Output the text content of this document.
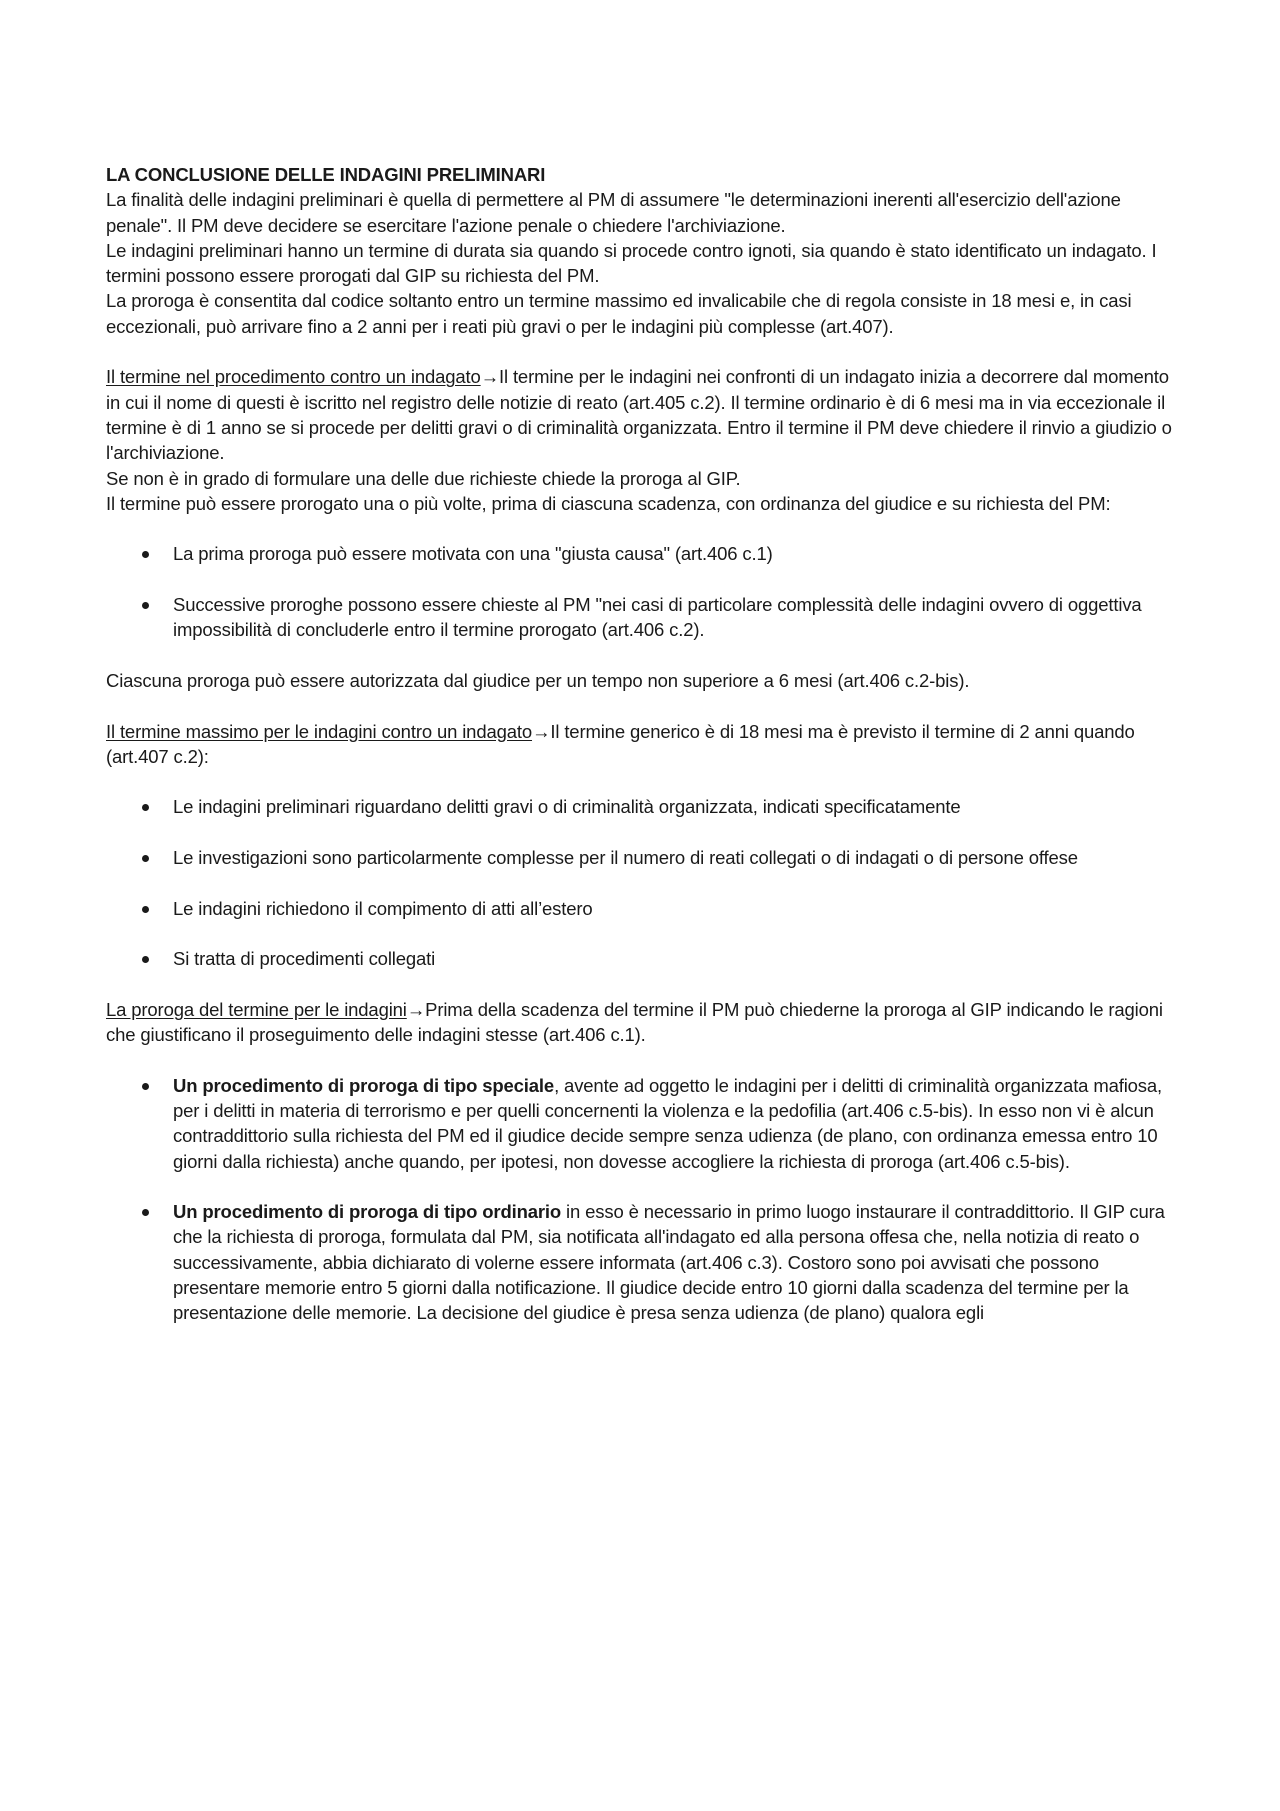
LA CONCLUSIONE DELLE INDAGINI PRELIMINARI

La finalità delle indagini preliminari è quella di permettere al PM di assumere "le determinazioni inerenti all'esercizio dell'azione penale". Il PM deve decidere se esercitare l'azione penale o chiedere l'archiviazione.

Le indagini preliminari hanno un termine di durata sia quando si procede contro ignoti, sia quando è stato identificato un indagato. I termini possono essere prorogati dal GIP su richiesta del PM.

La proroga è consentita dal codice soltanto entro un termine massimo ed invalicabile che di regola consiste in 18 mesi e, in casi eccezionali, può arrivare fino a 2 anni per i reati più gravi o per le indagini più complesse (art.407).

Il termine nel procedimento contro un indagato→Il termine per le indagini nei confronti di un indagato inizia a decorrere dal momento in cui il nome di questi è iscritto nel registro delle notizie di reato (art.405 c.2). Il termine ordinario è di 6 mesi ma in via eccezionale il termine è di 1 anno se si procede per delitti gravi o di criminalità organizzata. Entro il termine il PM deve chiedere il rinvio a giudizio o l'archiviazione.

Se non è in grado di formulare una delle due richieste chiede la proroga al GIP.

Il termine può essere prorogato una o più volte, prima di ciascuna scadenza, con ordinanza del giudice e su richiesta del PM:

La prima proroga può essere motivata con una "giusta causa" (art.406 c.1)
Successive proroghe possono essere chieste al PM "nei casi di particolare complessità delle indagini ovvero di oggettiva impossibilità di concluderle entro il termine prorogato (art.406 c.2).

Ciascuna proroga può essere autorizzata dal giudice per un tempo non superiore a 6 mesi (art.406 c.2-bis).

Il termine massimo per le indagini contro un indagato→Il termine generico è di 18 mesi ma è previsto il termine di 2 anni quando (art.407 c.2):

Le indagini preliminari riguardano delitti gravi o di criminalità organizzata, indicati specificatamente
Le investigazioni sono particolarmente complesse per il numero di reati collegati o di indagati o di persone offese
Le indagini richiedono il compimento di atti all’estero
Si tratta di procedimenti collegati

La proroga del termine per le indagini→Prima della scadenza del termine il PM può chiederne la proroga al GIP indicando le ragioni che giustificano il proseguimento delle indagini stesse (art.406 c.1).

Un procedimento di proroga di tipo speciale, avente ad oggetto le indagini per i delitti di criminalità organizzata mafiosa, per i delitti in materia di terrorismo e per quelli concernenti la violenza e la pedofilia (art.406 c.5-bis). In esso non vi è alcun contraddittorio sulla richiesta del PM ed il giudice decide sempre senza udienza (de plano, con ordinanza emessa entro 10 giorni dalla richiesta) anche quando, per ipotesi, non dovesse accogliere la richiesta di proroga (art.406 c.5-bis).
Un procedimento di proroga di tipo ordinario in esso è necessario in primo luogo instaurare il contraddittorio. Il GIP cura che la richiesta di proroga, formulata dal PM, sia notificata all'indagato ed alla persona offesa che, nella notizia di reato o successivamente, abbia dichiarato di volerne essere informata (art.406 c.3). Costoro sono poi avvisati che possono presentare memorie entro 5 giorni dalla notificazione. Il giudice decide entro 10 giorni dalla scadenza del termine per la presentazione delle memorie. La decisione del giudice è presa senza udienza (de plano) qualora egli
